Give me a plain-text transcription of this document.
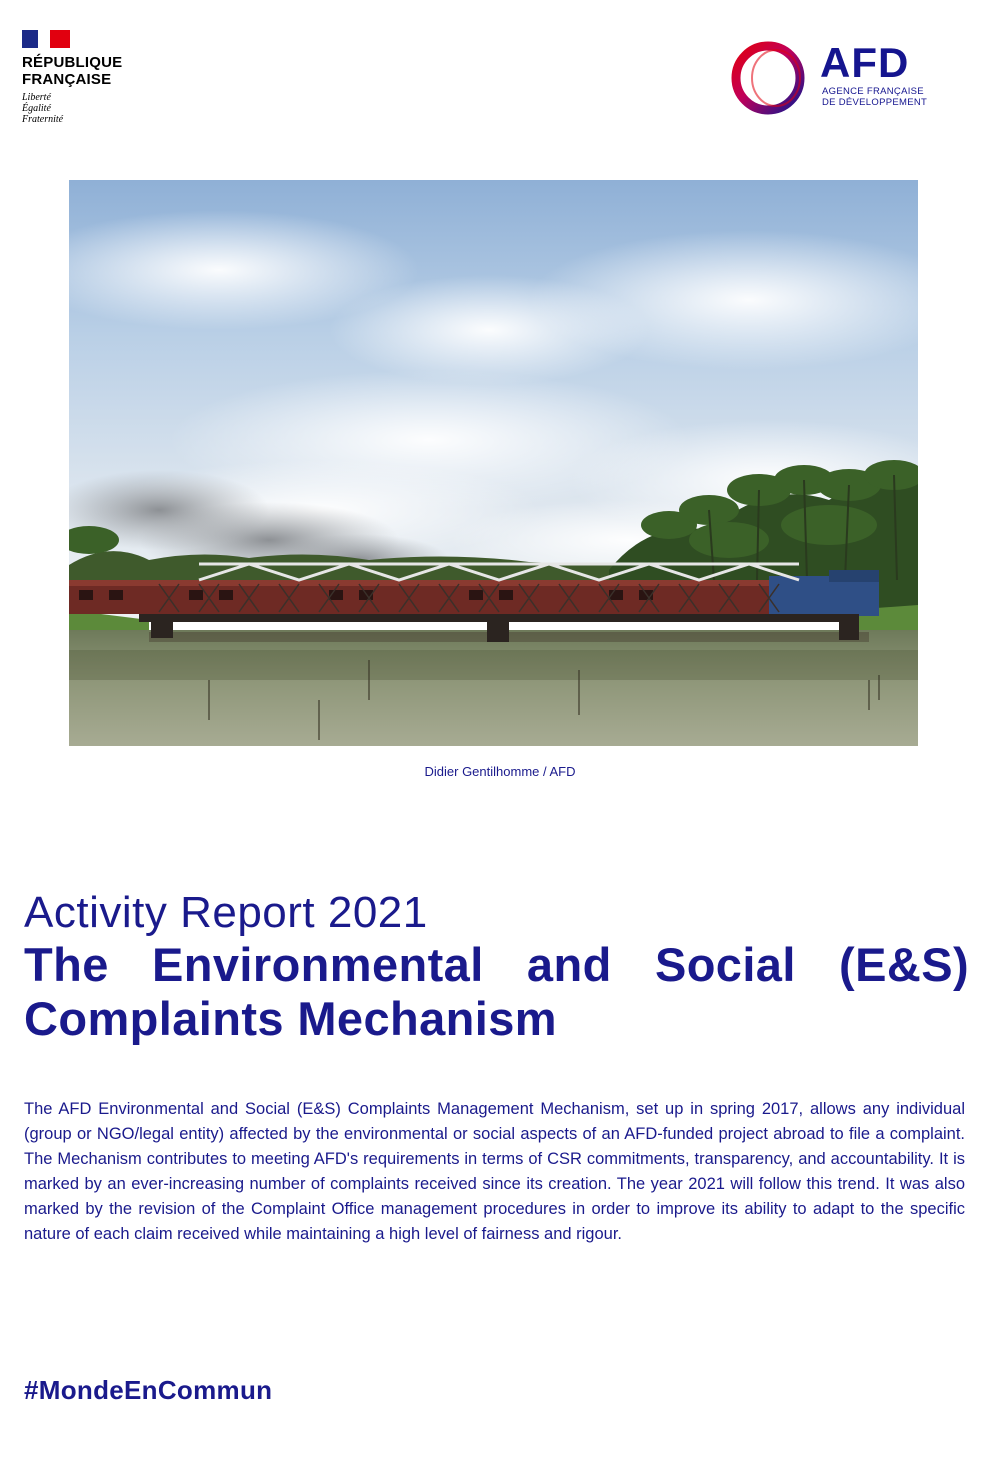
RÉPUBLIQUE
FRANÇAISE
Liberté
Égalité
Fraternité
AFD
AGENCE FRANÇAISE
DE DÉVELOPPEMENT
Didier Gentilhomme / AFD
Activity Report 2021
The Environmental and Social (E&S) Complaints Mechanism
The AFD Environmental and Social (E&S) Complaints Management Mechanism, set up in spring 2017, allows any individual (group or NGO/legal entity) affected by the environmental or social aspects of an AFD-funded project abroad to file a complaint. The Mechanism contributes to meeting AFD's requirements in terms of CSR commitments, transparency, and accountability. It is marked by an ever-increasing number of complaints received since its creation. The year 2021 will follow this trend. It was also marked by the revision of the Complaint Office management procedures in order to improve its ability to adapt to the specific nature of each claim received while maintaining a high level of fairness and rigour.
#MondeEnCommun
